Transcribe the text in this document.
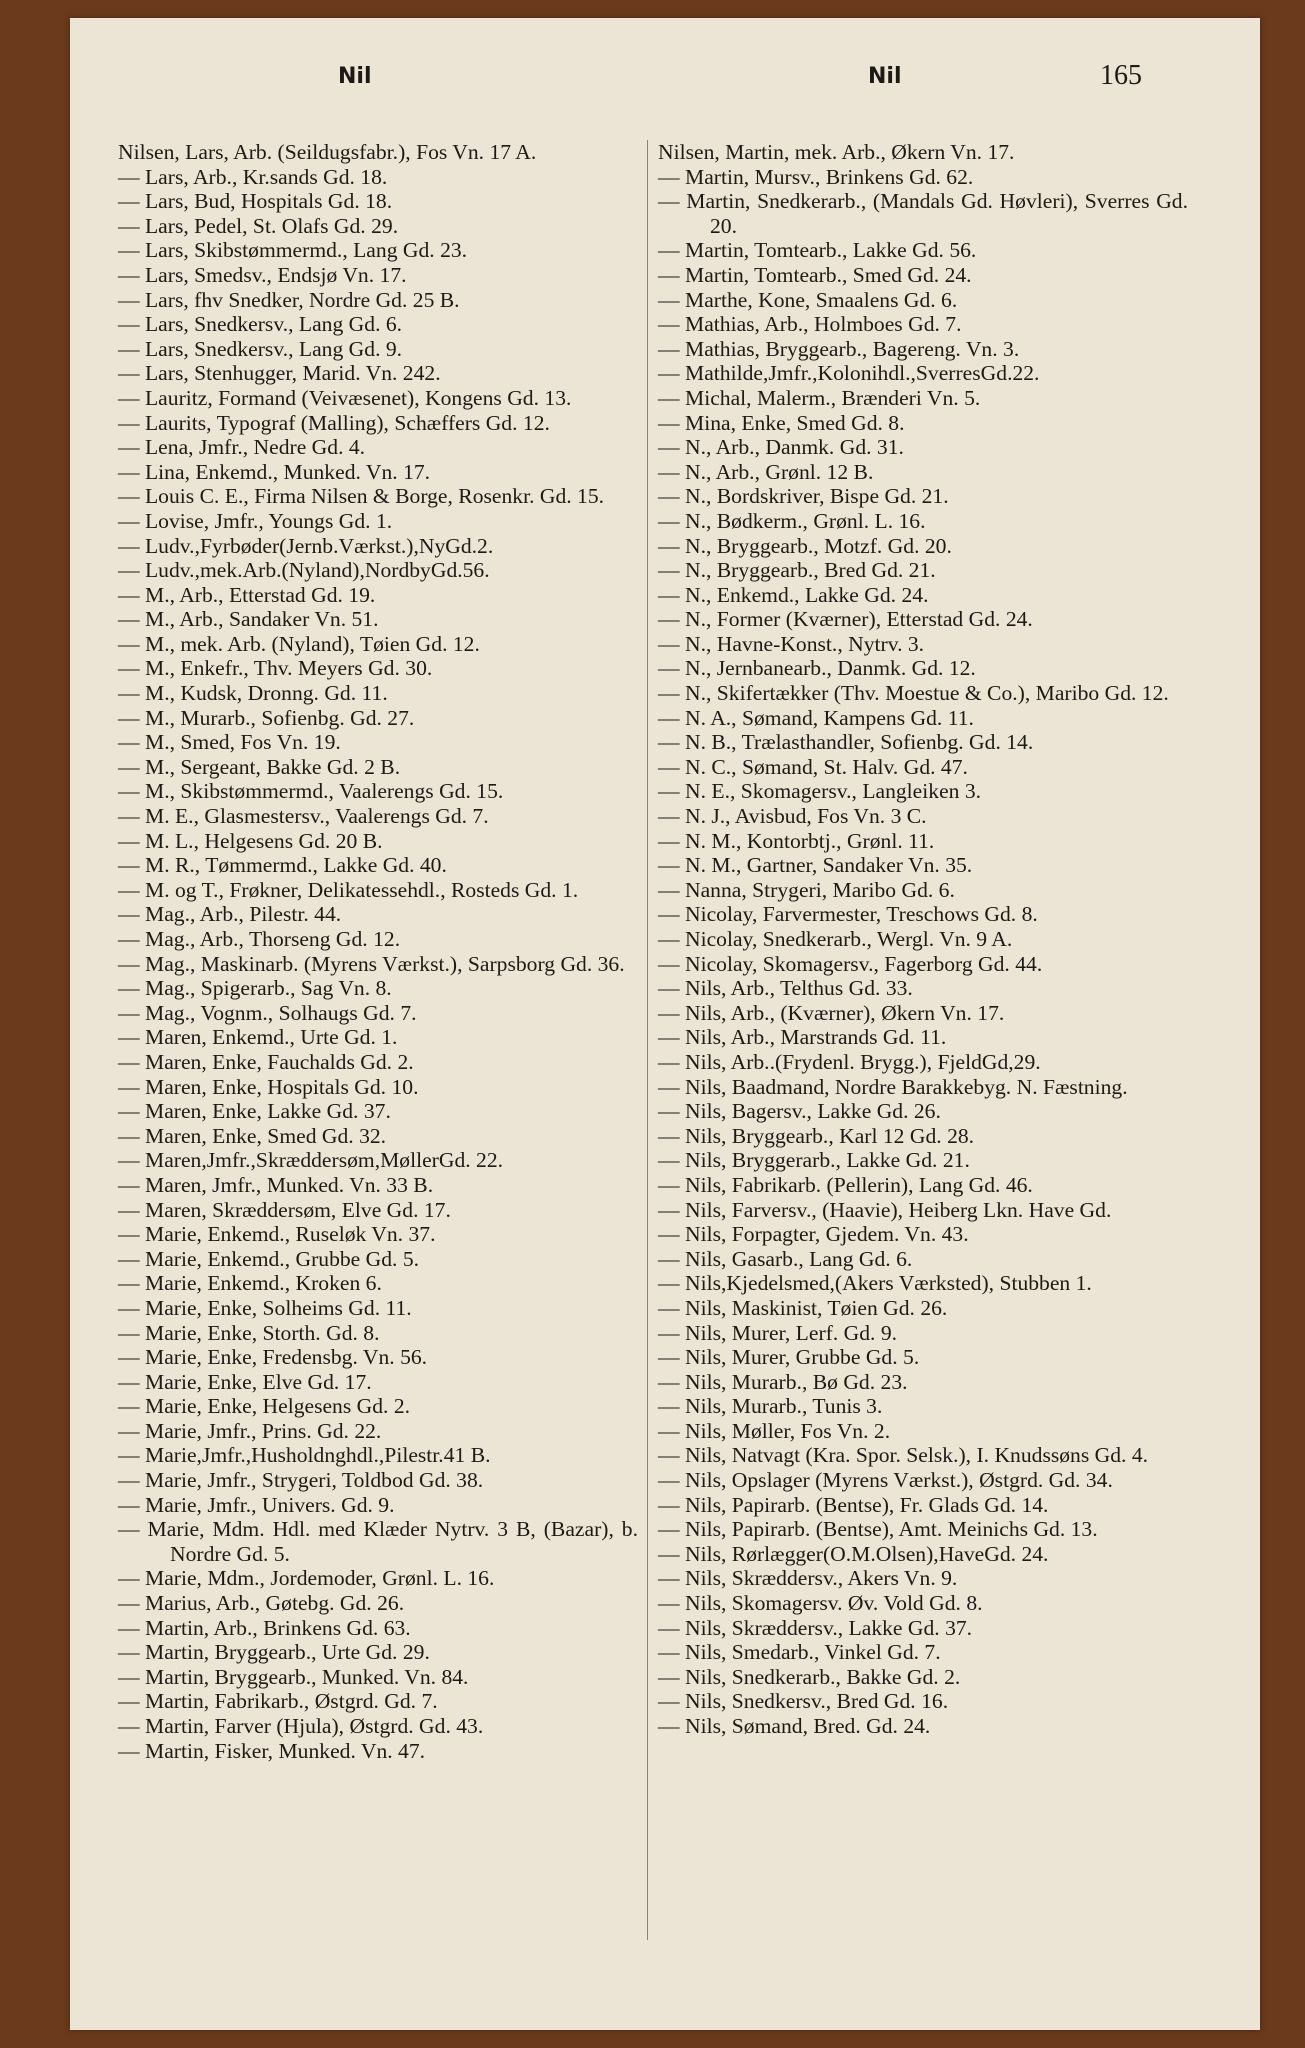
Nil	Nil	165

Nilsen, Lars, Arb. (Seildugsfabr.), Fos Vn. 17 A.

— Lars, Arb., Kr.sands Gd. 18.

— Lars, Bud, Hospitals Gd. 18.

— Lars, Pedel, St. Olafs Gd. 29.

— Lars, Skibstømmermd., Lang Gd. 23.

— Lars, Smedsv., Endsjø Vn. 17.

— Lars, fhv Snedker, Nordre Gd. 25 B.

— Lars, Snedkersv., Lang Gd. 6.

— Lars, Snedkersv., Lang Gd. 9.

— Lars, Stenhugger, Marid. Vn. 242.

— Lauritz, Formand (Veivæsenet), Kongens Gd. 13.

— Laurits, Typograf (Malling), Schæffers Gd. 12.

— Lena, Jmfr., Nedre Gd. 4.

— Lina, Enkemd., Munked. Vn. 17.

— Louis C. E., Firma Nilsen & Borge, Rosenkr. Gd. 15.

— Lovise, Jmfr., Youngs Gd. 1.

— Ludv.,Fyrbøder(Jernb.Værkst.),NyGd.2.

— Ludv.,mek.Arb.(Nyland),NordbyGd.56.

— M., Arb., Etterstad Gd. 19.

— M., Arb., Sandaker Vn. 51.

— M., mek. Arb. (Nyland), Tøien Gd. 12.

— M., Enkefr., Thv. Meyers Gd. 30.

— M., Kudsk, Dronng. Gd. 11.

— M., Murarb., Sofienbg. Gd. 27.

— M., Smed, Fos Vn. 19.

— M., Sergeant, Bakke Gd. 2 B.

— M., Skibstømmermd., Vaalerengs Gd. 15.

— M. E., Glasmestersv., Vaalerengs Gd. 7.

— M. L., Helgesens Gd. 20 B.

— M. R., Tømmermd., Lakke Gd. 40.

— M. og T., Frøkner, Delikatessehdl., Rosteds Gd. 1.

— Mag., Arb., Pilestr. 44.

— Mag., Arb., Thorseng Gd. 12.

— Mag., Maskinarb. (Myrens Værkst.), Sarpsborg Gd. 36.

— Mag., Spigerarb., Sag Vn. 8.

— Mag., Vognm., Solhaugs Gd. 7.

— Maren, Enkemd., Urte Gd. 1.

— Maren, Enke, Fauchalds Gd. 2.

— Maren, Enke, Hospitals Gd. 10.

— Maren, Enke, Lakke Gd. 37.

— Maren, Enke, Smed Gd. 32.

— Maren,Jmfr.,Skræddersøm,MøllerGd. 22.

— Maren, Jmfr., Munked. Vn. 33 B.

— Maren, Skræddersøm, Elve Gd. 17.

— Marie, Enkemd., Ruseløk Vn. 37.

— Marie, Enkemd., Grubbe Gd. 5.

— Marie, Enkemd., Kroken 6.

— Marie, Enke, Solheims Gd. 11.

— Marie, Enke, Storth. Gd. 8.

— Marie, Enke, Fredensbg. Vn. 56.

— Marie, Enke, Elve Gd. 17.

— Marie, Enke, Helgesens Gd. 2.

— Marie, Jmfr., Prins. Gd. 22.

— Marie,Jmfr.,Husholdnghdl.,Pilestr.41 B.

— Marie, Jmfr., Strygeri, Toldbod Gd. 38.

— Marie, Jmfr., Univers. Gd. 9.

— Marie, Mdm. Hdl. med Klæder Nytrv. 3 B, (Bazar), b. Nordre Gd. 5.

— Marie, Mdm., Jordemoder, Grønl. L. 16.

— Marius, Arb., Gøtebg. Gd. 26.

— Martin, Arb., Brinkens Gd. 63.

— Martin, Bryggearb., Urte Gd. 29.

— Martin, Bryggearb., Munked. Vn. 84.

— Martin, Fabrikarb., Østgrd. Gd. 7.

— Martin, Farver (Hjula), Østgrd. Gd. 43.

— Martin, Fisker, Munked. Vn. 47.

Nilsen, Martin, mek. Arb., Økern Vn. 17.

— Martin, Mursv., Brinkens Gd. 62.

— Martin, Snedkerarb., (Mandals Gd. Høvleri), Sverres Gd. 20.

— Martin, Tomtearb., Lakke Gd. 56.

— Martin, Tomtearb., Smed Gd. 24.

— Marthe, Kone, Smaalens Gd. 6.

— Mathias, Arb., Holmboes Gd. 7.

— Mathias, Bryggearb., Bagereng. Vn. 3.

— Mathilde,Jmfr.,Kolonihdl.,SverresGd.22.

— Michal, Malerm., Brænderi Vn. 5.

— Mina, Enke, Smed Gd. 8.

— N., Arb., Danmk. Gd. 31.

— N., Arb., Grønl. 12 B.

— N., Bordskriver, Bispe Gd. 21.

— N., Bødkerm., Grønl. L. 16.

— N., Bryggearb., Motzf. Gd. 20.

— N., Bryggearb., Bred Gd. 21.

— N., Enkemd., Lakke Gd. 24.

— N., Former (Kværner), Etterstad Gd. 24.

— N., Havne-Konst., Nytrv. 3.

— N., Jernbanearb., Danmk. Gd. 12.

— N., Skifertækker (Thv. Moestue & Co.), Maribo Gd. 12.

— N. A., Sømand, Kampens Gd. 11.

— N. B., Trælasthandler, Sofienbg. Gd. 14.

— N. C., Sømand, St. Halv. Gd. 47.

— N. E., Skomagersv., Langleiken 3.

— N. J., Avisbud, Fos Vn. 3 C.

— N. M., Kontorbtj., Grønl. 11.

— N. M., Gartner, Sandaker Vn. 35.

— Nanna, Strygeri, Maribo Gd. 6.

— Nicolay, Farvermester, Treschows Gd. 8.

— Nicolay, Snedkerarb., Wergl. Vn. 9 A.

— Nicolay, Skomagersv., Fagerborg Gd. 44.

— Nils, Arb., Telthus Gd. 33.

— Nils, Arb., (Kværner), Økern Vn. 17.

— Nils, Arb., Marstrands Gd. 11.

— Nils, Arb..(Frydenl. Brygg.), FjeldGd,29.

— Nils, Baadmand, Nordre Barakkebyg. N. Fæstning.

— Nils, Bagersv., Lakke Gd. 26.

— Nils, Bryggearb., Karl 12 Gd. 28.

— Nils, Bryggerarb., Lakke Gd. 21.

— Nils, Fabrikarb. (Pellerin), Lang Gd. 46.

— Nils, Farversv., (Haavie), Heiberg Lkn. Have Gd.

— Nils, Forpagter, Gjedem. Vn. 43.

— Nils, Gasarb., Lang Gd. 6.

— Nils,Kjedelsmed,(Akers Værksted), Stubben 1.

— Nils, Maskinist, Tøien Gd. 26.

— Nils, Murer, Lerf. Gd. 9.

— Nils, Murer, Grubbe Gd. 5.

— Nils, Murarb., Bø Gd. 23.

— Nils, Murarb., Tunis 3.

— Nils, Møller, Fos Vn. 2.

— Nils, Natvagt (Kra. Spor. Selsk.), I. Knudssøns Gd. 4.

— Nils, Opslager (Myrens Værkst.), Østgrd. Gd. 34.

— Nils, Papirarb. (Bentse), Fr. Glads Gd. 14.

— Nils, Papirarb. (Bentse), Amt. Meinichs Gd. 13.

— Nils, Rørlægger(O.M.Olsen),HaveGd. 24.

— Nils, Skræddersv., Akers Vn. 9.

— Nils, Skomagersv. Øv. Vold Gd. 8.

— Nils, Skræddersv., Lakke Gd. 37.

— Nils, Smedarb., Vinkel Gd. 7.

— Nils, Snedkerarb., Bakke Gd. 2.

— Nils, Snedkersv., Bred Gd. 16.

— Nils, Sømand, Bred. Gd. 24.
